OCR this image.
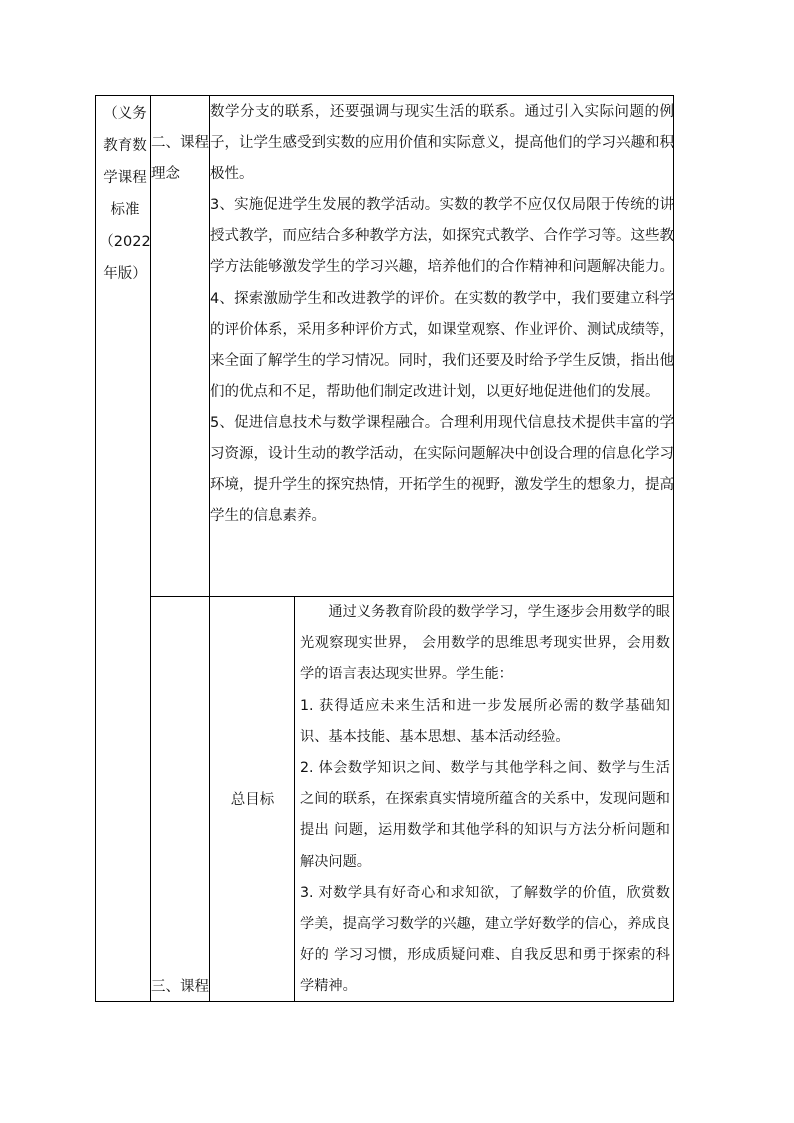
（义务
教育数
学课程
标准
（2022
年版）
二、课程
理念
三、课程

数学分支的联系，还要强调与现实生活的联系。通过引入实际问题的例子，让学生感受到实数的应用价值和实际意义，提高他们的学习兴趣和积极性。

3、实施促进学生发展的教学活动。实数的教学不应仅仅局限于传统的讲授式教学，而应结合多种教学方法，如探究式教学、合作学习等。这些教学方法能够激发学生的学习兴趣，培养他们的合作精神和问题解决能力。

4、探索激励学生和改进教学的评价。在实数的教学中，我们要建立科学的评价体系，采用多种评价方式，如课堂观察、作业评价、测试成绩等，来全面了解学生的学习情况。同时，我们还要及时给予学生反馈，指出他们的优点和不足，帮助他们制定改进计划，以更好地促进他们的发展。

5、促进信息技术与数学课程融合。合理利用现代信息技术提供丰富的学习资源，设计生动的教学活动，在实际问题解决中创设合理的信息化学习环境，提升学生的探究热情，开拓学生的视野，激发学生的想象力，提高学生的信息素养。

总目标

通过义务教育阶段的数学学习，学生逐步会用数学的眼光观察现实世界， 会用数学的思维思考现实世界，会用数学的语言表达现实世界。学生能：

1. 获得适应未来生活和进一步发展所必需的数学基础知识、基本技能、基本思想、基本活动经验。

2. 体会数学知识之间、数学与其他学科之间、数学与生活之间的联系，在探索真实情境所蕴含的关系中，发现问题和提出 问题，运用数学和其他学科的知识与方法分析问题和解决问题。

3. 对数学具有好奇心和求知欲，了解数学的价值，欣赏数学美，提高学习数学的兴趣，建立学好数学的信心，养成良好的 学习习惯，形成质疑问难、自我反思和勇于探索的科学精神。
